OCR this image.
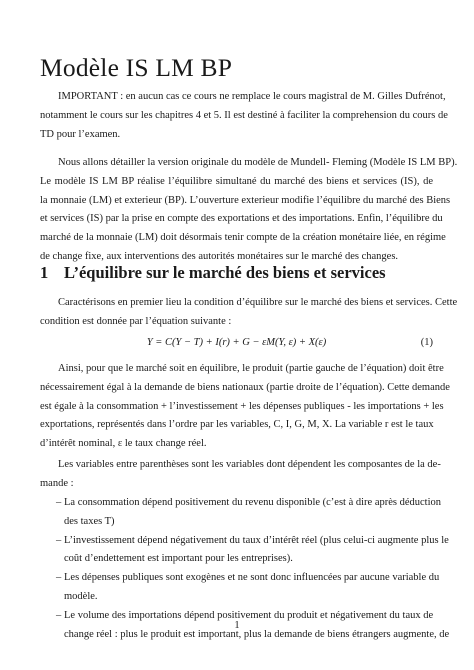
Modèle IS LM BP

IMPORTANT : en aucun cas ce cours ne remplace le cours magistral de M. Gilles Dufrénot,
notamment le cours sur les chapitres 4 et 5. Il est destiné à faciliter la comprehension du cours de
TD pour l’examen.

Nous allons détailler la version originale du modèle de Mundell- Fleming (Modèle IS LM BP).
Le modèle IS LM BP réalise l’équilibre simultané du marché des biens et services (IS), de
la monnaie (LM) et exterieur (BP). L’ouverture exterieur modifie l’équilibre du marché des Biens
et services (IS) par la prise en compte des exportations et des importations. Enfin, l’équilibre du
marché de la monnaie (LM) doit désormais tenir compte de la création monétaire liée, en régime
de change fixe, aux interventions des autorités monétaires sur le marché des changes.

1 L’équilibre sur le marché des biens et services

Caractérisons en premier lieu la condition d’équilibre sur le marché des biens et services. Cette
condition est donnée par l’équation suivante :

Y = C(Y − T) + I(r) + G − εM(Y, ε) + X(ε)	(1)

Ainsi, pour que le marché soit en équilibre, le produit (partie gauche de l’équation) doit être
nécessairement égal à la demande de biens nationaux (partie droite de l’équation). Cette demande
est égale à la consommation + l’investissement + les dépenses publiques - les importations + les
exportations, représentés dans l’ordre par les variables, C, I, G, M, X. La variable r est le taux
d’intérêt nominal, ε le taux change réel.

Les variables entre parenthèses sont les variables dont dépendent les composantes de la de-
mande :

– La consommation dépend positivement du revenu disponible (c’est à dire après déduction
des taxes T)
– L’investissement dépend négativement du taux d’intérêt réel (plus celui-ci augmente plus le
coût d’endettement est important pour les entreprises).
– Les dépenses publiques sont exogènes et ne sont donc influencées par aucune variable du
modèle.
– Le volume des importations dépend positivement du produit et négativement du taux de
change réel : plus le produit est important, plus la demande de biens étrangers augmente, de
1
